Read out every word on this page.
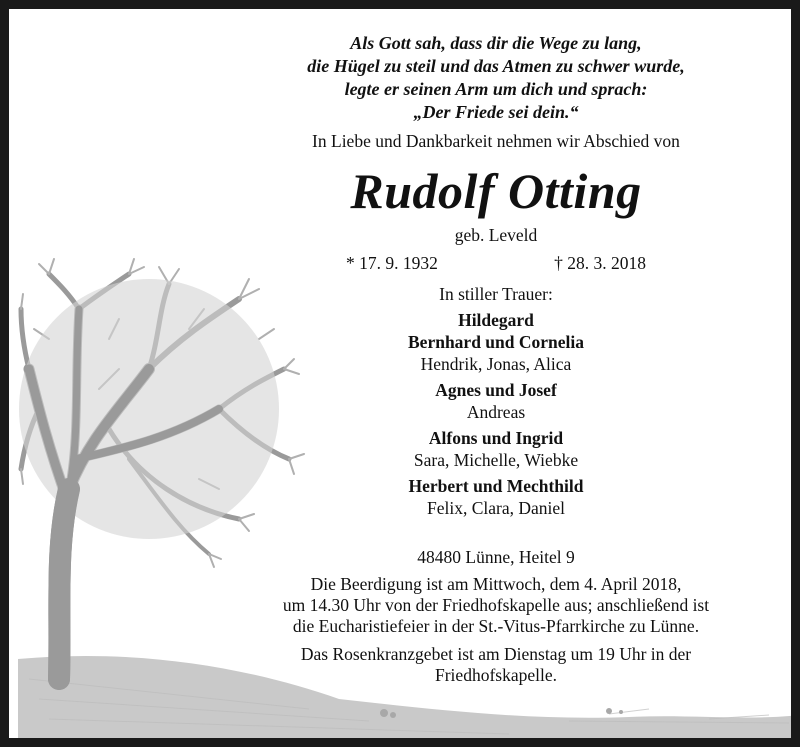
Als Gott sah, dass dir die Wege zu lang,
die Hügel zu steil und das Atmen zu schwer wurde,
legte er seinen Arm um dich und sprach:
„Der Friede sei dein.“
In Liebe und Dankbarkeit nehmen wir Abschied von
Rudolf Otting
geb. Leveld
* 17. 9. 1932	† 28. 3. 2018
In stiller Trauer:
Hildegard
Bernhard und Cornelia
Hendrik, Jonas, Alica
Agnes und Josef
Andreas
Alfons und Ingrid
Sara, Michelle, Wiebke
Herbert und Mechthild
Felix, Clara, Daniel
48480 Lünne, Heitel 9
Die Beerdigung ist am Mittwoch, dem 4. April 2018,
um 14.30 Uhr von der Friedhofskapelle aus; anschließend ist
die Eucharistiefeier in der St.-Vitus-Pfarrkirche zu Lünne.
Das Rosenkranzgebet ist am Dienstag um 19 Uhr in der
Friedhofskapelle.
